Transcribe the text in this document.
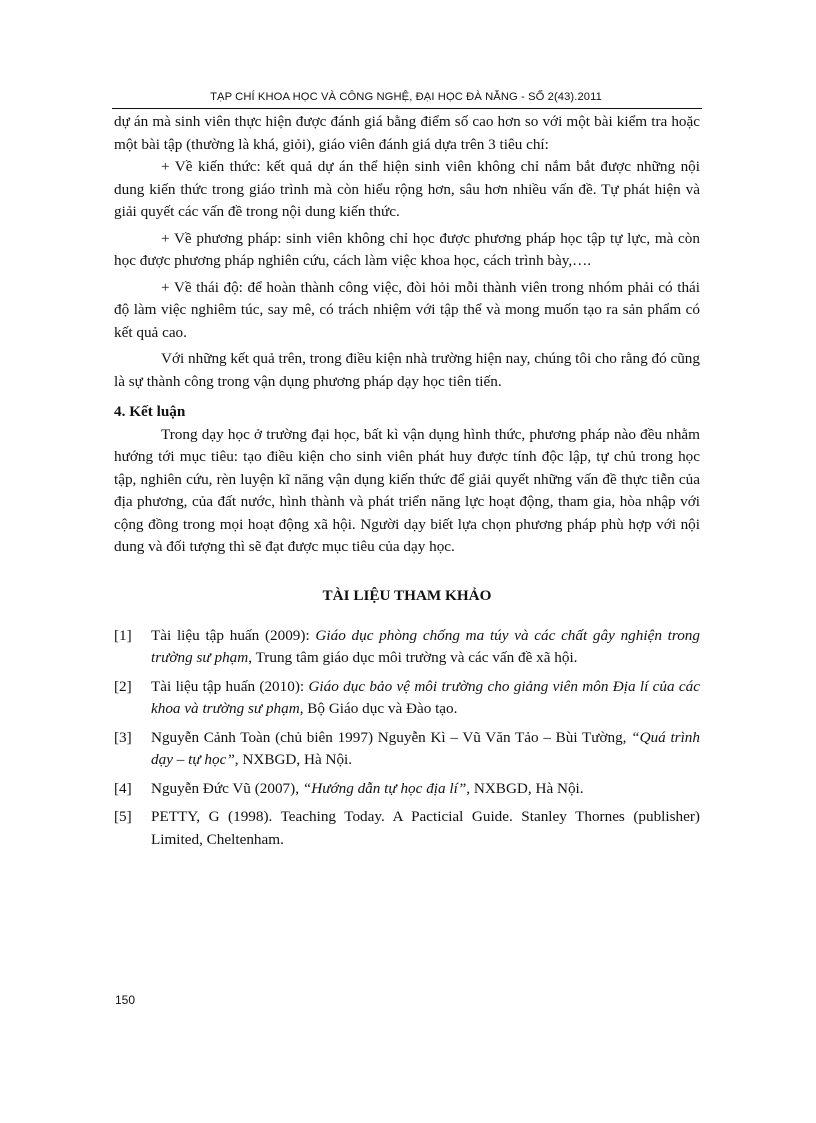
TẠP CHÍ KHOA HỌC VÀ CÔNG NGHỆ, ĐẠI HỌC ĐÀ NẴNG - SỐ 2(43).2011

dự án mà sinh viên thực hiện được đánh giá bằng điểm số cao hơn so với một bài kiểm tra hoặc một bài tập (thường là khá, giỏi), giáo viên đánh giá dựa trên 3 tiêu chí:

+ Về kiến thức: kết quả dự án thể hiện sinh viên không chỉ nắm bắt được những nội dung kiến thức trong giáo trình mà còn hiểu rộng hơn, sâu hơn nhiều vấn đề. Tự phát hiện và giải quyết các vấn đề trong nội dung kiến thức.

+ Về phương pháp: sinh viên không chỉ học được phương pháp học tập tự lực, mà còn học được phương pháp nghiên cứu, cách làm việc khoa học, cách trình bày,….

+ Về thái độ: để hoàn thành công việc, đòi hỏi mỗi thành viên trong nhóm phải có thái độ làm việc nghiêm túc, say mê, có trách nhiệm với tập thể và mong muốn tạo ra sản phẩm có kết quả cao.

Với những kết quả trên, trong điều kiện nhà trường hiện nay, chúng tôi cho rằng đó cũng là sự thành công trong vận dụng phương pháp dạy học tiên tiến.

4. Kết luận

Trong dạy học ở trường đại học, bất kì vận dụng hình thức, phương pháp nào đều nhằm hướng tới mục tiêu: tạo điều kiện cho sinh viên phát huy được tính độc lập, tự chủ trong học tập, nghiên cứu, rèn luyện kĩ năng vận dụng kiến thức để giải quyết những vấn đề thực tiễn của địa phương, của đất nước, hình thành và phát triển năng lực hoạt động, tham gia, hòa nhập với cộng đồng trong mọi hoạt động xã hội. Người dạy biết lựa chọn phương pháp phù hợp với nội dung và đối tượng thì sẽ đạt được mục tiêu của dạy học.

TÀI LIỆU THAM KHẢO
[1]	Tài liệu tập huấn (2009): Giáo dục phòng chống ma túy và các chất gây nghiện trong trường sư phạm, Trung tâm giáo dục môi trường và các vấn đề xã hội.
[2]	Tài liệu tập huấn (2010): Giáo dục bảo vệ môi trường cho giảng viên môn Địa lí của các khoa và trường sư phạm, Bộ Giáo dục và Đào tạo.
[3]	Nguyễn Cảnh Toàn (chủ biên 1997) Nguyễn Kì – Vũ Văn Tảo – Bùi Tường, “Quá trình dạy – tự học”, NXBGD, Hà Nội.
[4]	Nguyễn Đức Vũ (2007), “Hướng dẫn tự học địa lí”, NXBGD, Hà Nội.
[5]	PETTY, G (1998). Teaching Today. A Pacticial Guide. Stanley Thornes (publisher) Limited, Cheltenham.
150
